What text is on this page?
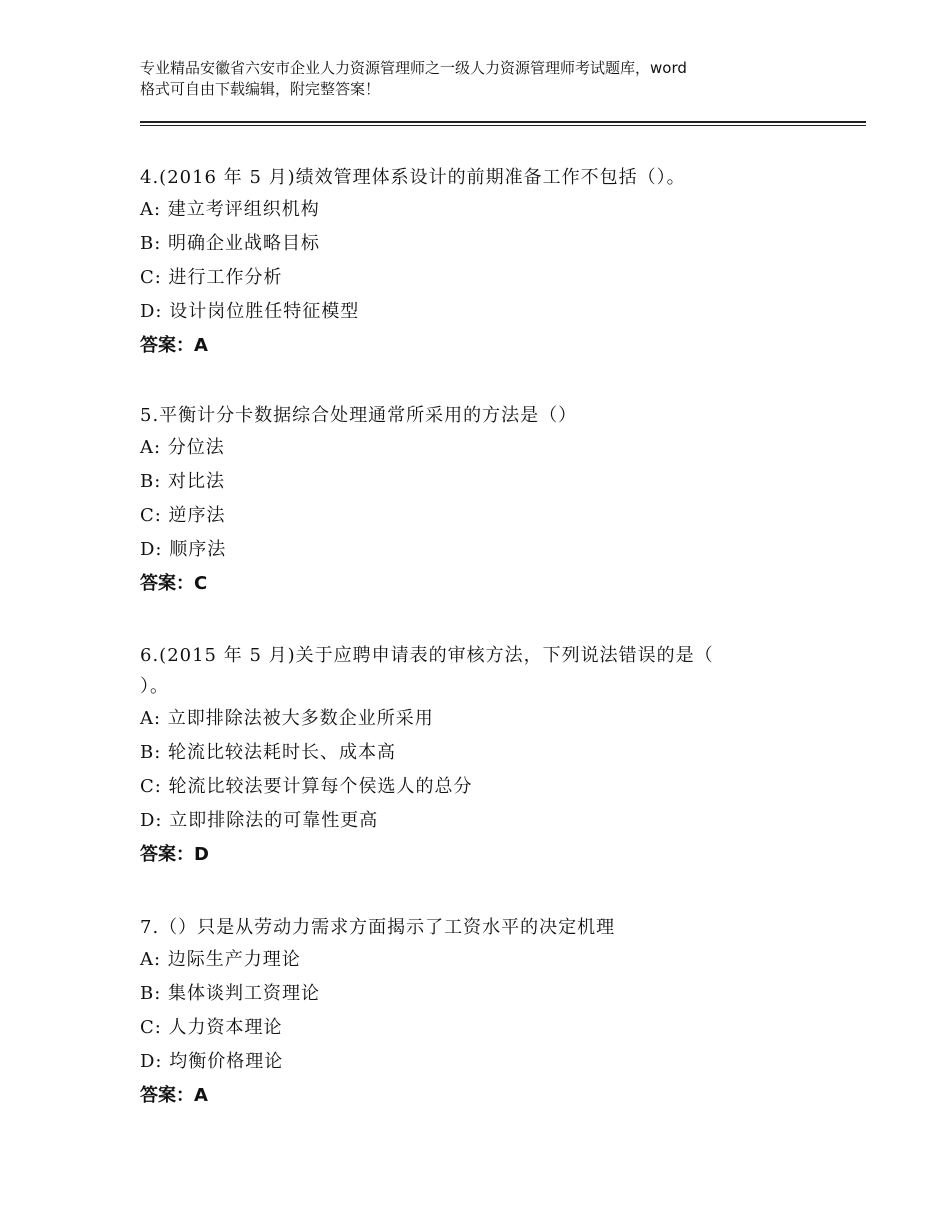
专业精品安徽省六安市企业人力资源管理师之一级人力资源管理师考试题库，word
格式可自由下载编辑，附完整答案！
4.(2016 年 5 月)绩效管理体系设计的前期准备工作不包括（）。
A: 建立考评组织机构
B: 明确企业战略目标
C: 进行工作分析
D: 设计岗位胜任特征模型
答案：A
5.平衡计分卡数据综合处理通常所采用的方法是（）
A: 分位法
B: 对比法
C: 逆序法
D: 顺序法
答案：C
6.(2015 年 5 月)关于应聘申请表的审核方法，下列说法错误的是（
）。
A: 立即排除法被大多数企业所采用
B: 轮流比较法耗时长、成本高
C: 轮流比较法要计算每个侯选人的总分
D: 立即排除法的可靠性更高
答案：D
7.（）只是从劳动力需求方面揭示了工资水平的决定机理
A: 边际生产力理论
B: 集体谈判工资理论
C: 人力资本理论
D: 均衡价格理论
答案：A
